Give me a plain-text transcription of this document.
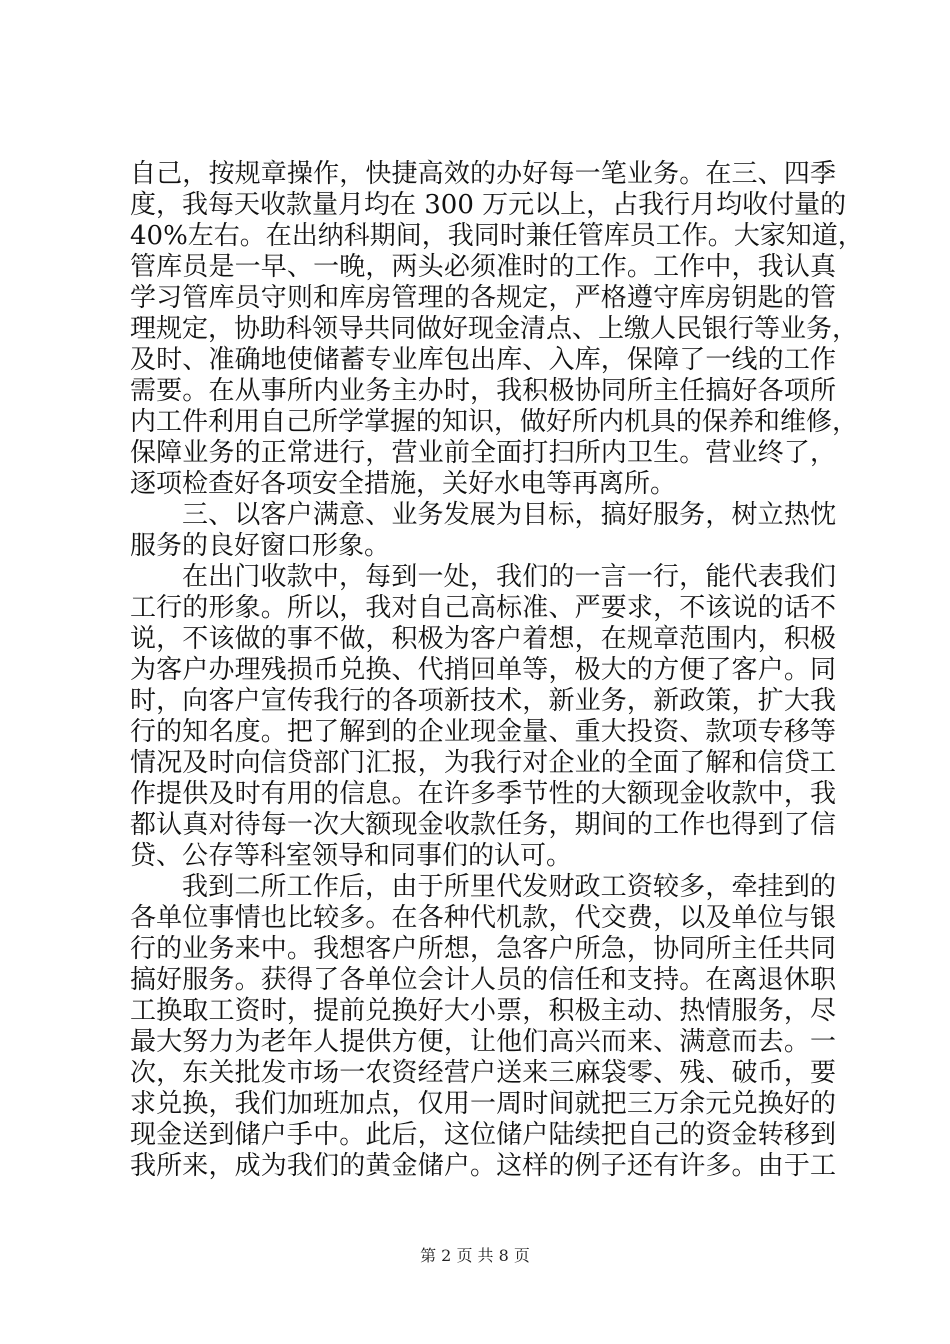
自己，按规章操作，快捷高效的办好每一笔业务。在三、四季
度，我每天收款量月均在 300 万元以上，占我行月均收付量的
40%左右。在出纳科期间，我同时兼任管库员工作。大家知道，
管库员是一早、一晚，两头必须准时的工作。工作中，我认真
学习管库员守则和库房管理的各规定，严格遵守库房钥匙的管
理规定，协助科领导共同做好现金清点、上缴人民银行等业务，
及时、准确地使储蓄专业库包出库、入库，保障了一线的工作
需要。在从事所内业务主办时，我积极协同所主任搞好各项所
内工件利用自己所学掌握的知识，做好所内机具的保养和维修，
保障业务的正常进行，营业前全面打扫所内卫生。营业终了，
逐项检查好各项安全措施，关好水电等再离所。
三、以客户满意、业务发展为目标，搞好服务，树立热忱
服务的良好窗口形象。
在出门收款中，每到一处，我们的一言一行，能代表我们
工行的形象。所以，我对自己高标准、严要求，不该说的话不
说，不该做的事不做，积极为客户着想，在规章范围内，积极
为客户办理残损币兑换、代捎回单等，极大的方便了客户。同
时，向客户宣传我行的各项新技术，新业务，新政策，扩大我
行的知名度。把了解到的企业现金量、重大投资、款项专移等
情况及时向信贷部门汇报，为我行对企业的全面了解和信贷工
作提供及时有用的信息。在许多季节性的大额现金收款中，我
都认真对待每一次大额现金收款任务，期间的工作也得到了信
贷、公存等科室领导和同事们的认可。
我到二所工作后，由于所里代发财政工资较多，牵挂到的
各单位事情也比较多。在各种代机款，代交费，以及单位与银
行的业务来中。我想客户所想，急客户所急，协同所主任共同
搞好服务。获得了各单位会计人员的信任和支持。在离退休职
工换取工资时，提前兑换好大小票，积极主动、热情服务，尽
最大努力为老年人提供方便，让他们高兴而来、满意而去。一
次，东关批发市场一农资经营户送来三麻袋零、残、破币，要
求兑换，我们加班加点，仅用一周时间就把三万余元兑换好的
现金送到储户手中。此后，这位储户陆续把自己的资金转移到
我所来，成为我们的黄金储户。这样的例子还有许多。由于工
第 2 页 共 8 页
